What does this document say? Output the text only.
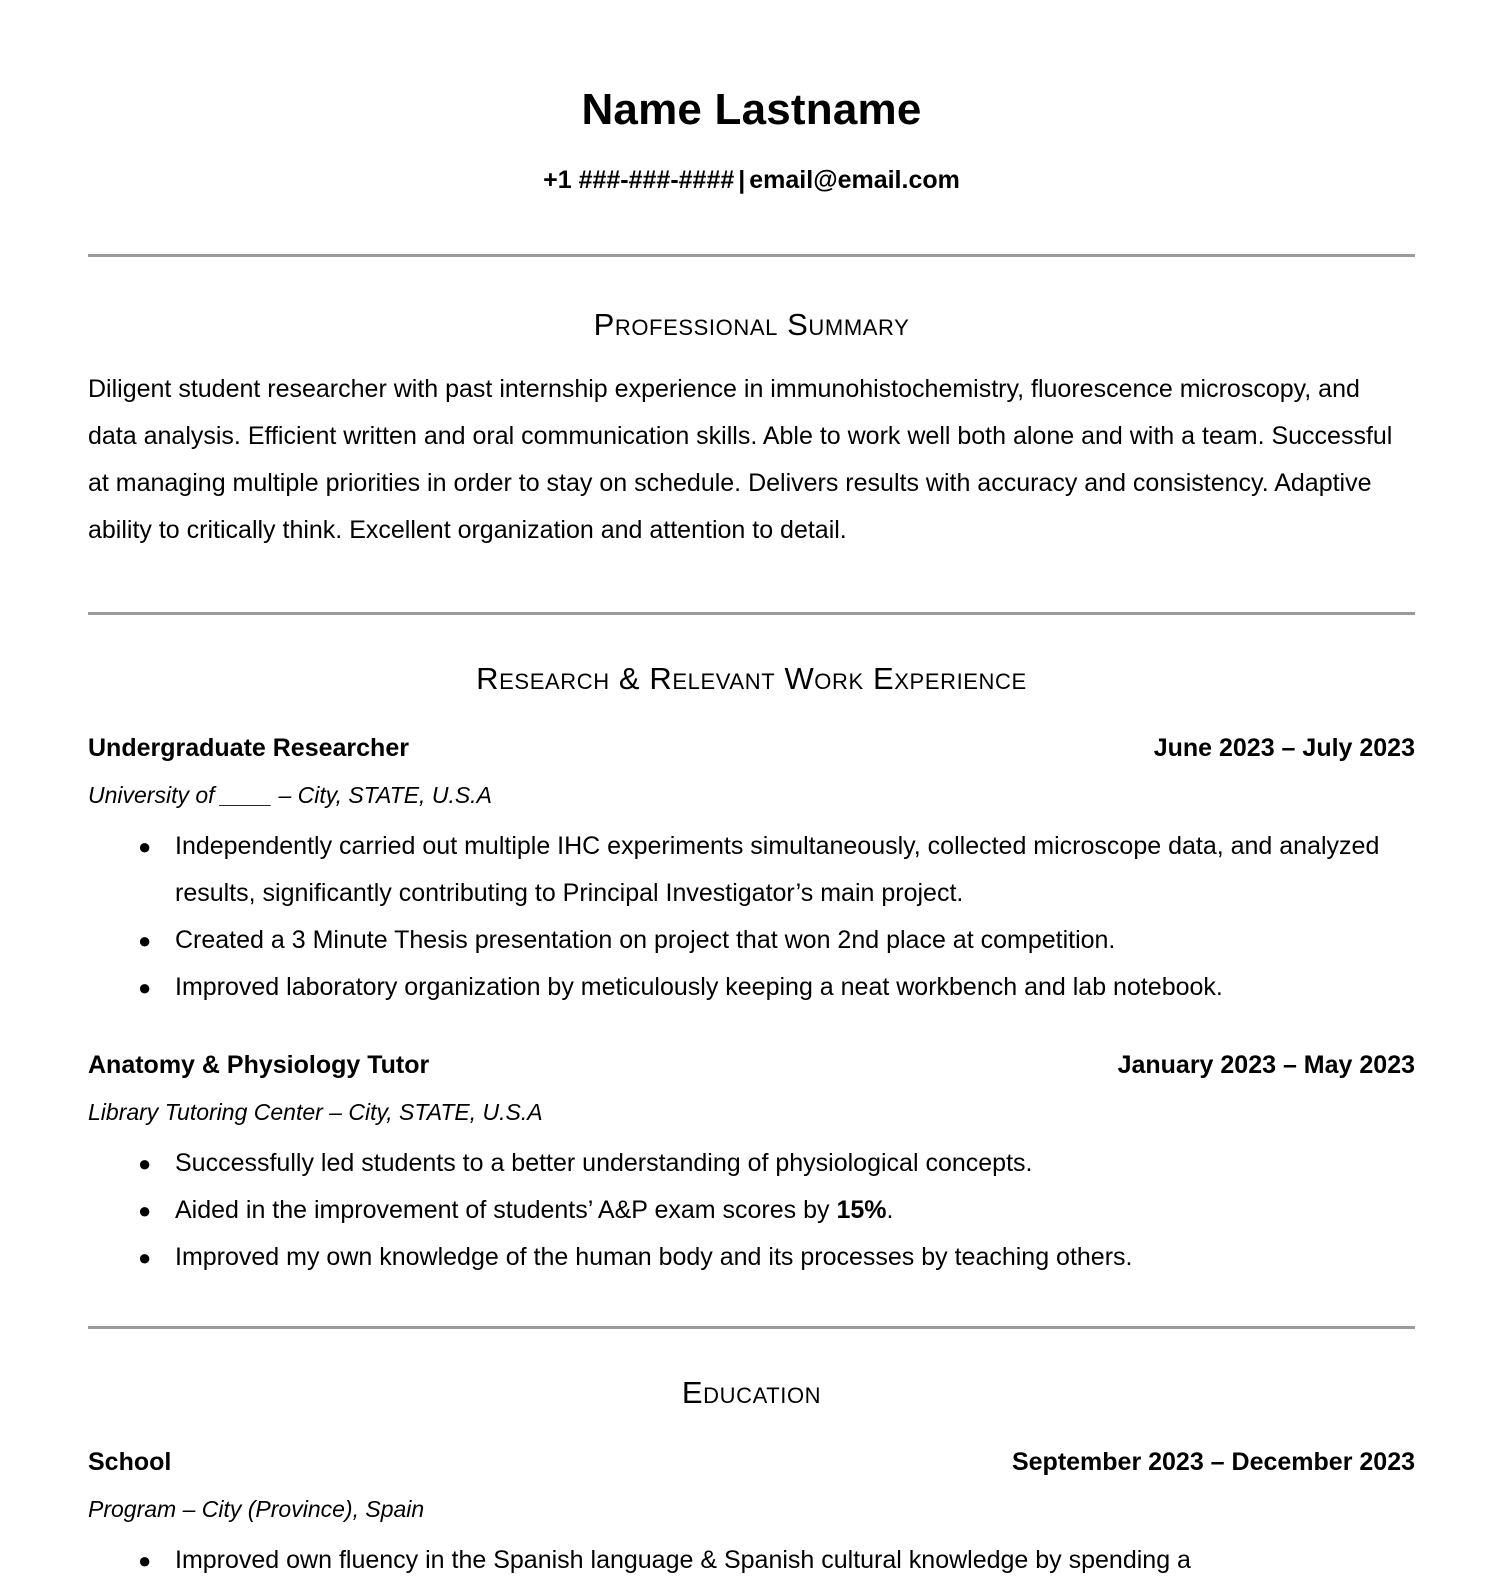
Name Lastname
+1 ###-###-#### | email@email.com
Professional Summary
Diligent student researcher with past internship experience in immunohistochemistry, fluorescence microscopy, and data analysis. Efficient written and oral communication skills. Able to work well both alone and with a team. Successful at managing multiple priorities in order to stay on schedule. Delivers results with accuracy and consistency. Adaptive ability to critically think. Excellent organization and attention to detail.
Research & Relevant Work Experience
Undergraduate Researcher	June 2023 – July 2023
University of ____ – City, STATE, U.S.A
● Independently carried out multiple IHC experiments simultaneously, collected microscope data, and analyzed results, significantly contributing to Principal Investigator’s main project.
● Created a 3 Minute Thesis presentation on project that won 2nd place at competition.
● Improved laboratory organization by meticulously keeping a neat workbench and lab notebook.
Anatomy & Physiology Tutor	January 2023 – May 2023
Library Tutoring Center – City, STATE, U.S.A
● Successfully led students to a better understanding of physiological concepts.
● Aided in the improvement of students’ A&P exam scores by 15%.
● Improved my own knowledge of the human body and its processes by teaching others.
Education
School	September 2023 – December 2023
Program – City (Province), Spain
● Improved own fluency in the Spanish language & Spanish cultural knowledge by spending a
